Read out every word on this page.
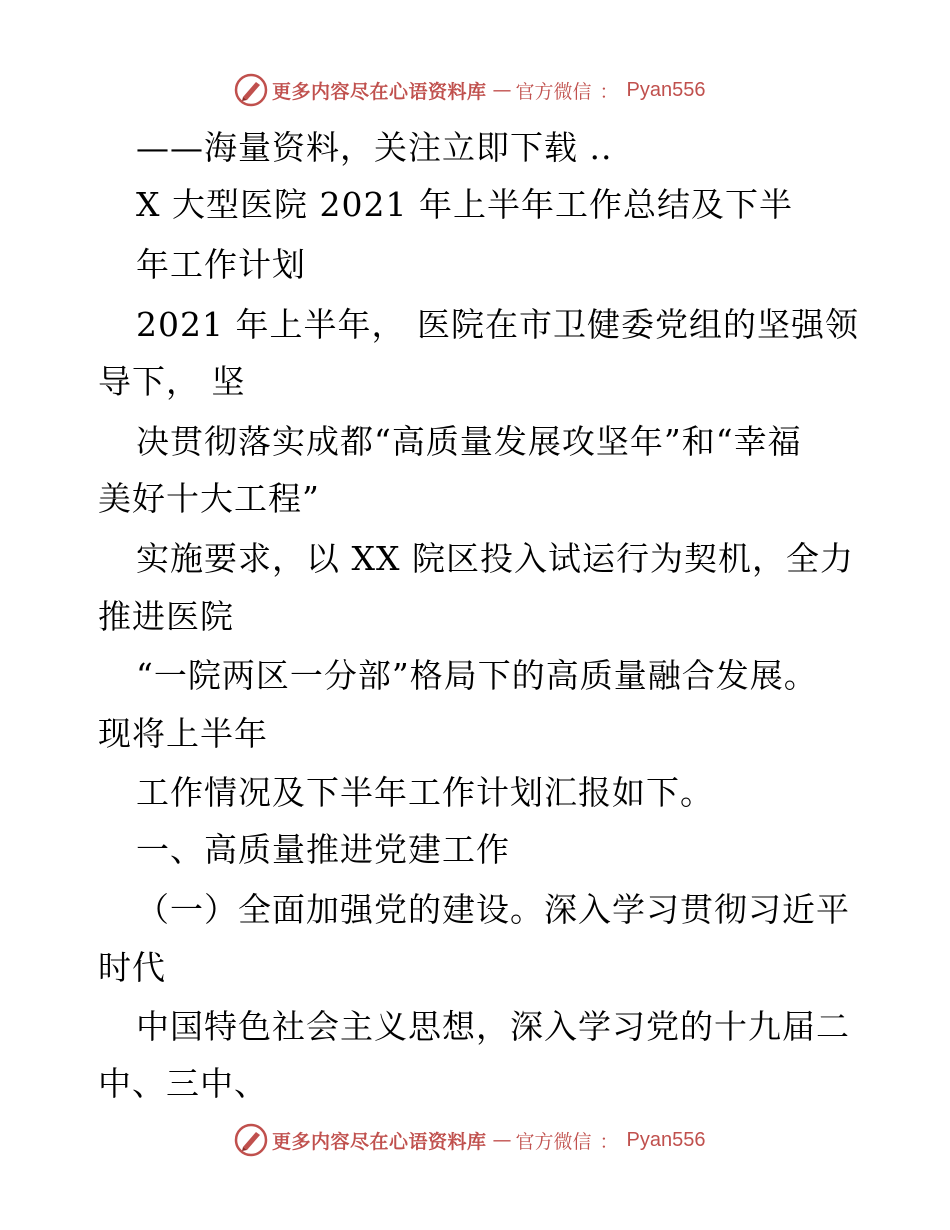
更多内容尽在心语资料库 — 官方微信 ： Pyan556
——海量资料，关注立即下载 ..
X 大型医院 2021 年上半年工作总结及下半
年工作计划
2021 年上半年， 医院在市卫健委党组的坚强领
导下， 坚
决贯彻落实成都“高质量发展攻坚年”和“幸福
美好十大工程”
实施要求，以 XX 院区投入试运行为契机，全力
推进医院
“一院两区一分部”格局下的高质量融合发展。
现将上半年
工作情况及下半年工作计划汇报如下。
一、高质量推进党建工作
（一）全面加强党的建设。深入学习贯彻习近平
时代
中国特色社会主义思想，深入学习党的十九届二
中、三中、
更多内容尽在心语资料库 — 官方微信 ： Pyan556
